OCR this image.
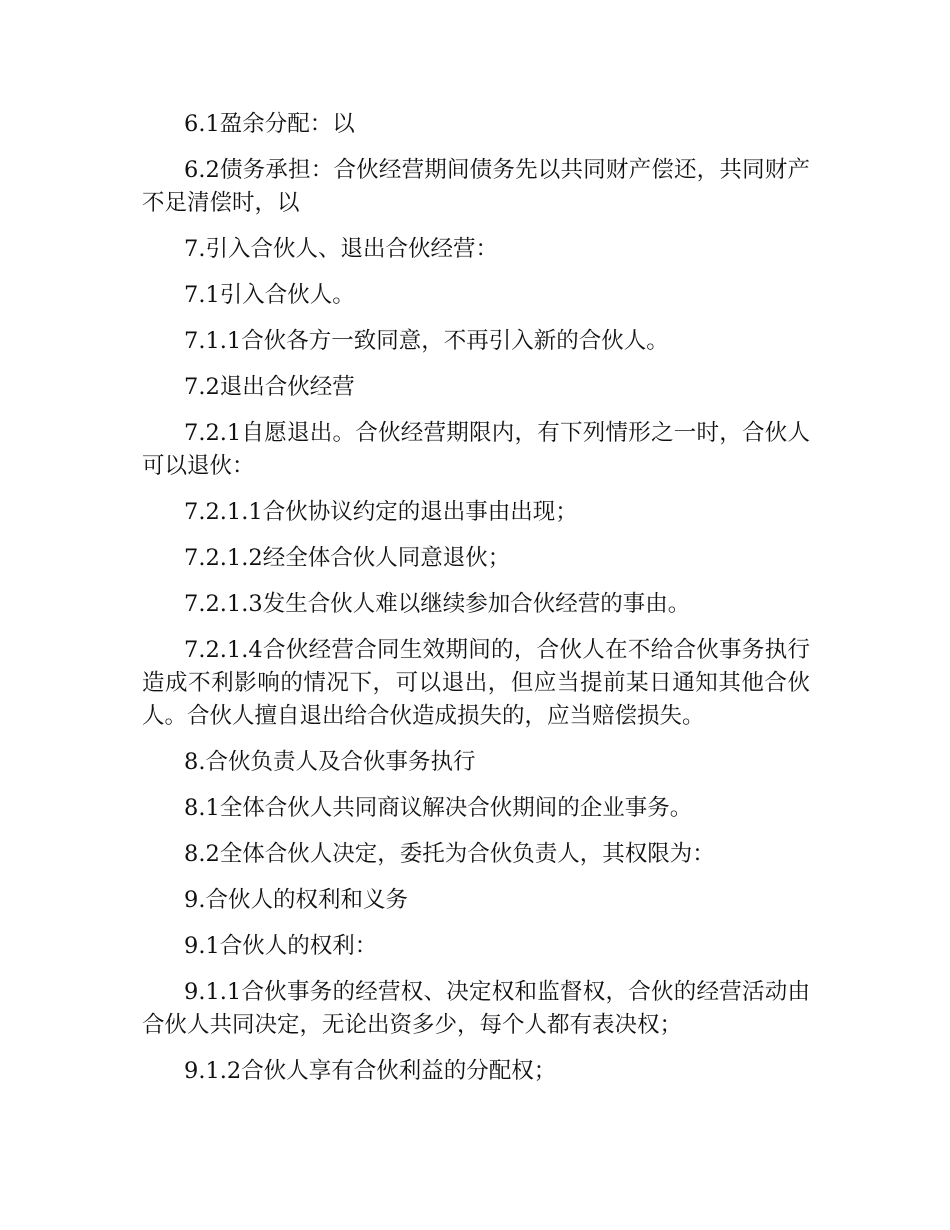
6.1盈余分配：以

6.2债务承担：合伙经营期间债务先以共同财产偿还，共同财产不足清偿时，以

7.引入合伙人、退出合伙经营：

7.1引入合伙人。

7.1.1合伙各方一致同意，不再引入新的合伙人。

7.2退出合伙经营

7.2.1自愿退出。合伙经营期限内，有下列情形之一时，合伙人可以退伙：

7.2.1.1合伙协议约定的退出事由出现；

7.2.1.2经全体合伙人同意退伙；

7.2.1.3发生合伙人难以继续参加合伙经营的事由。

7.2.1.4合伙经营合同生效期间的，合伙人在不给合伙事务执行造成不利影响的情况下，可以退出，但应当提前某日通知其他合伙人。合伙人擅自退出给合伙造成损失的，应当赔偿损失。

8.合伙负责人及合伙事务执行

8.1全体合伙人共同商议解决合伙期间的企业事务。

8.2全体合伙人决定，委托为合伙负责人，其权限为：

9.合伙人的权利和义务

9.1合伙人的权利：

9.1.1合伙事务的经营权、决定权和监督权，合伙的经营活动由合伙人共同决定，无论出资多少，每个人都有表决权；

9.1.2合伙人享有合伙利益的分配权；
